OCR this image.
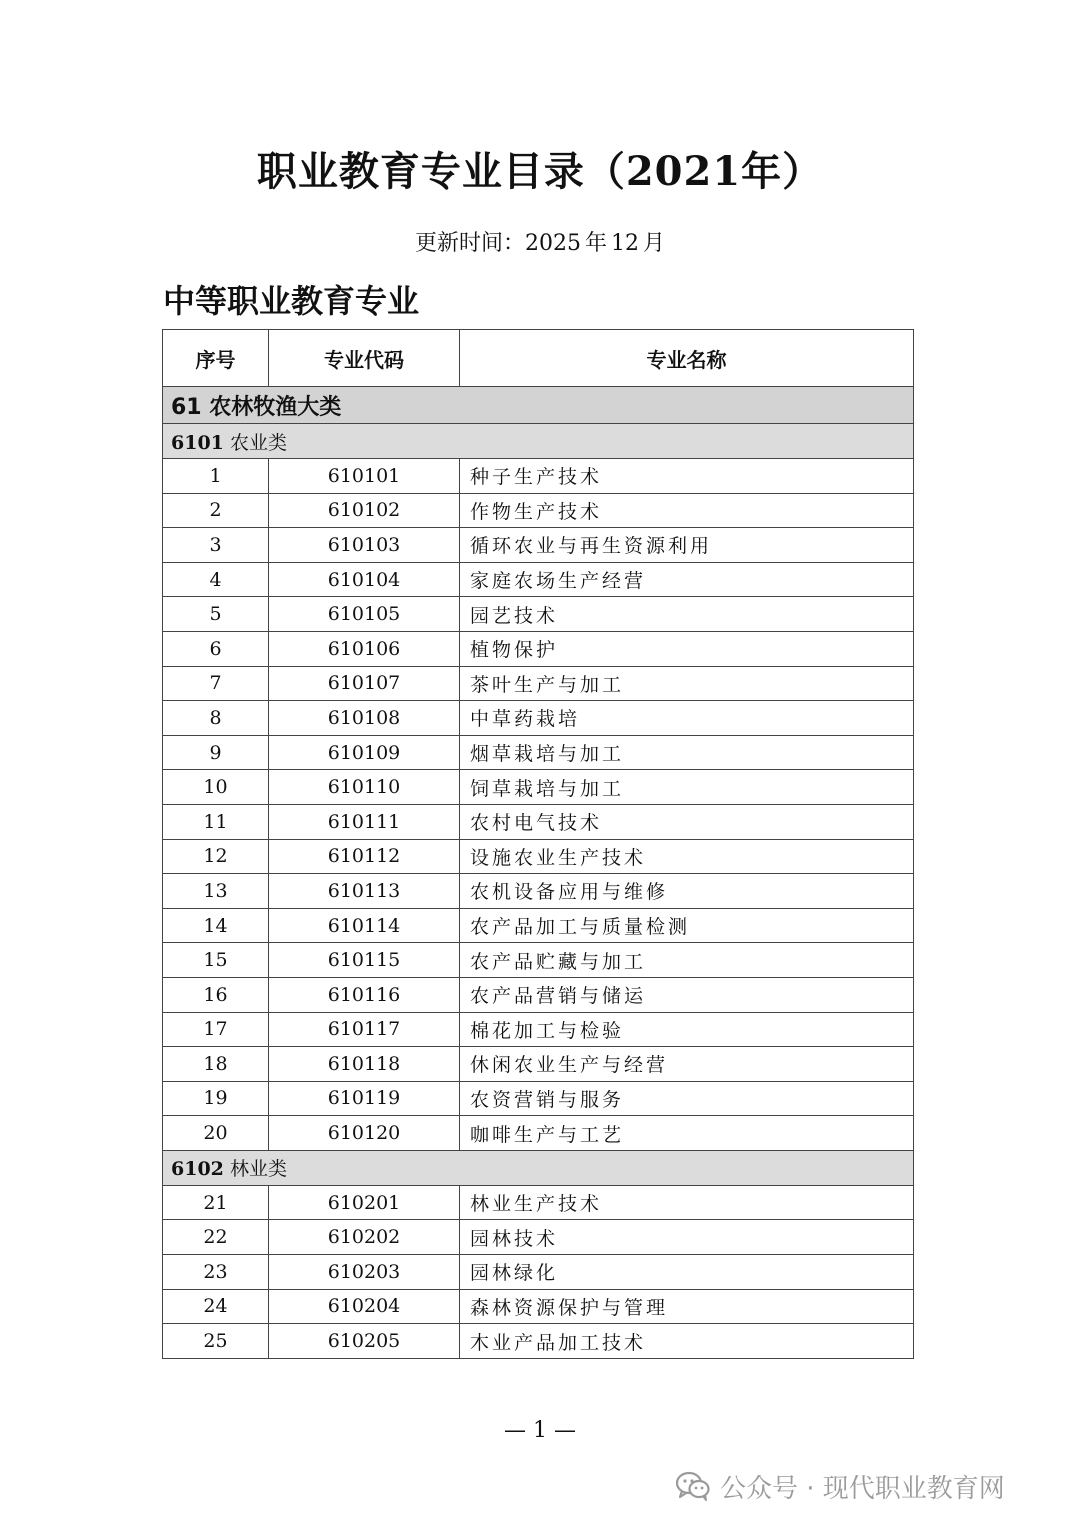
职业教育专业目录（2021年）
更新时间：2025 年 12 月
中等职业教育专业
序号	专业代码	专业名称
61 农林牧渔大类		
6101 农业类		
1	610101	种子生产技术
2	610102	作物生产技术
3	610103	循环农业与再生资源利用
4	610104	家庭农场生产经营
5	610105	园艺技术
6	610106	植物保护
7	610107	茶叶生产与加工
8	610108	中草药栽培
9	610109	烟草栽培与加工
10	610110	饲草栽培与加工
11	610111	农村电气技术
12	610112	设施农业生产技术
13	610113	农机设备应用与维修
14	610114	农产品加工与质量检测
15	610115	农产品贮藏与加工
16	610116	农产品营销与储运
17	610117	棉花加工与检验
18	610118	休闲农业生产与经营
19	610119	农资营销与服务
20	610120	咖啡生产与工艺
6102 林业类		
21	610201	林业生产技术
22	610202	园林技术
23	610203	园林绿化
24	610204	森林资源保护与管理
25	610205	木业产品加工技术
— 1 —
公众号 · 现代职业教育网
